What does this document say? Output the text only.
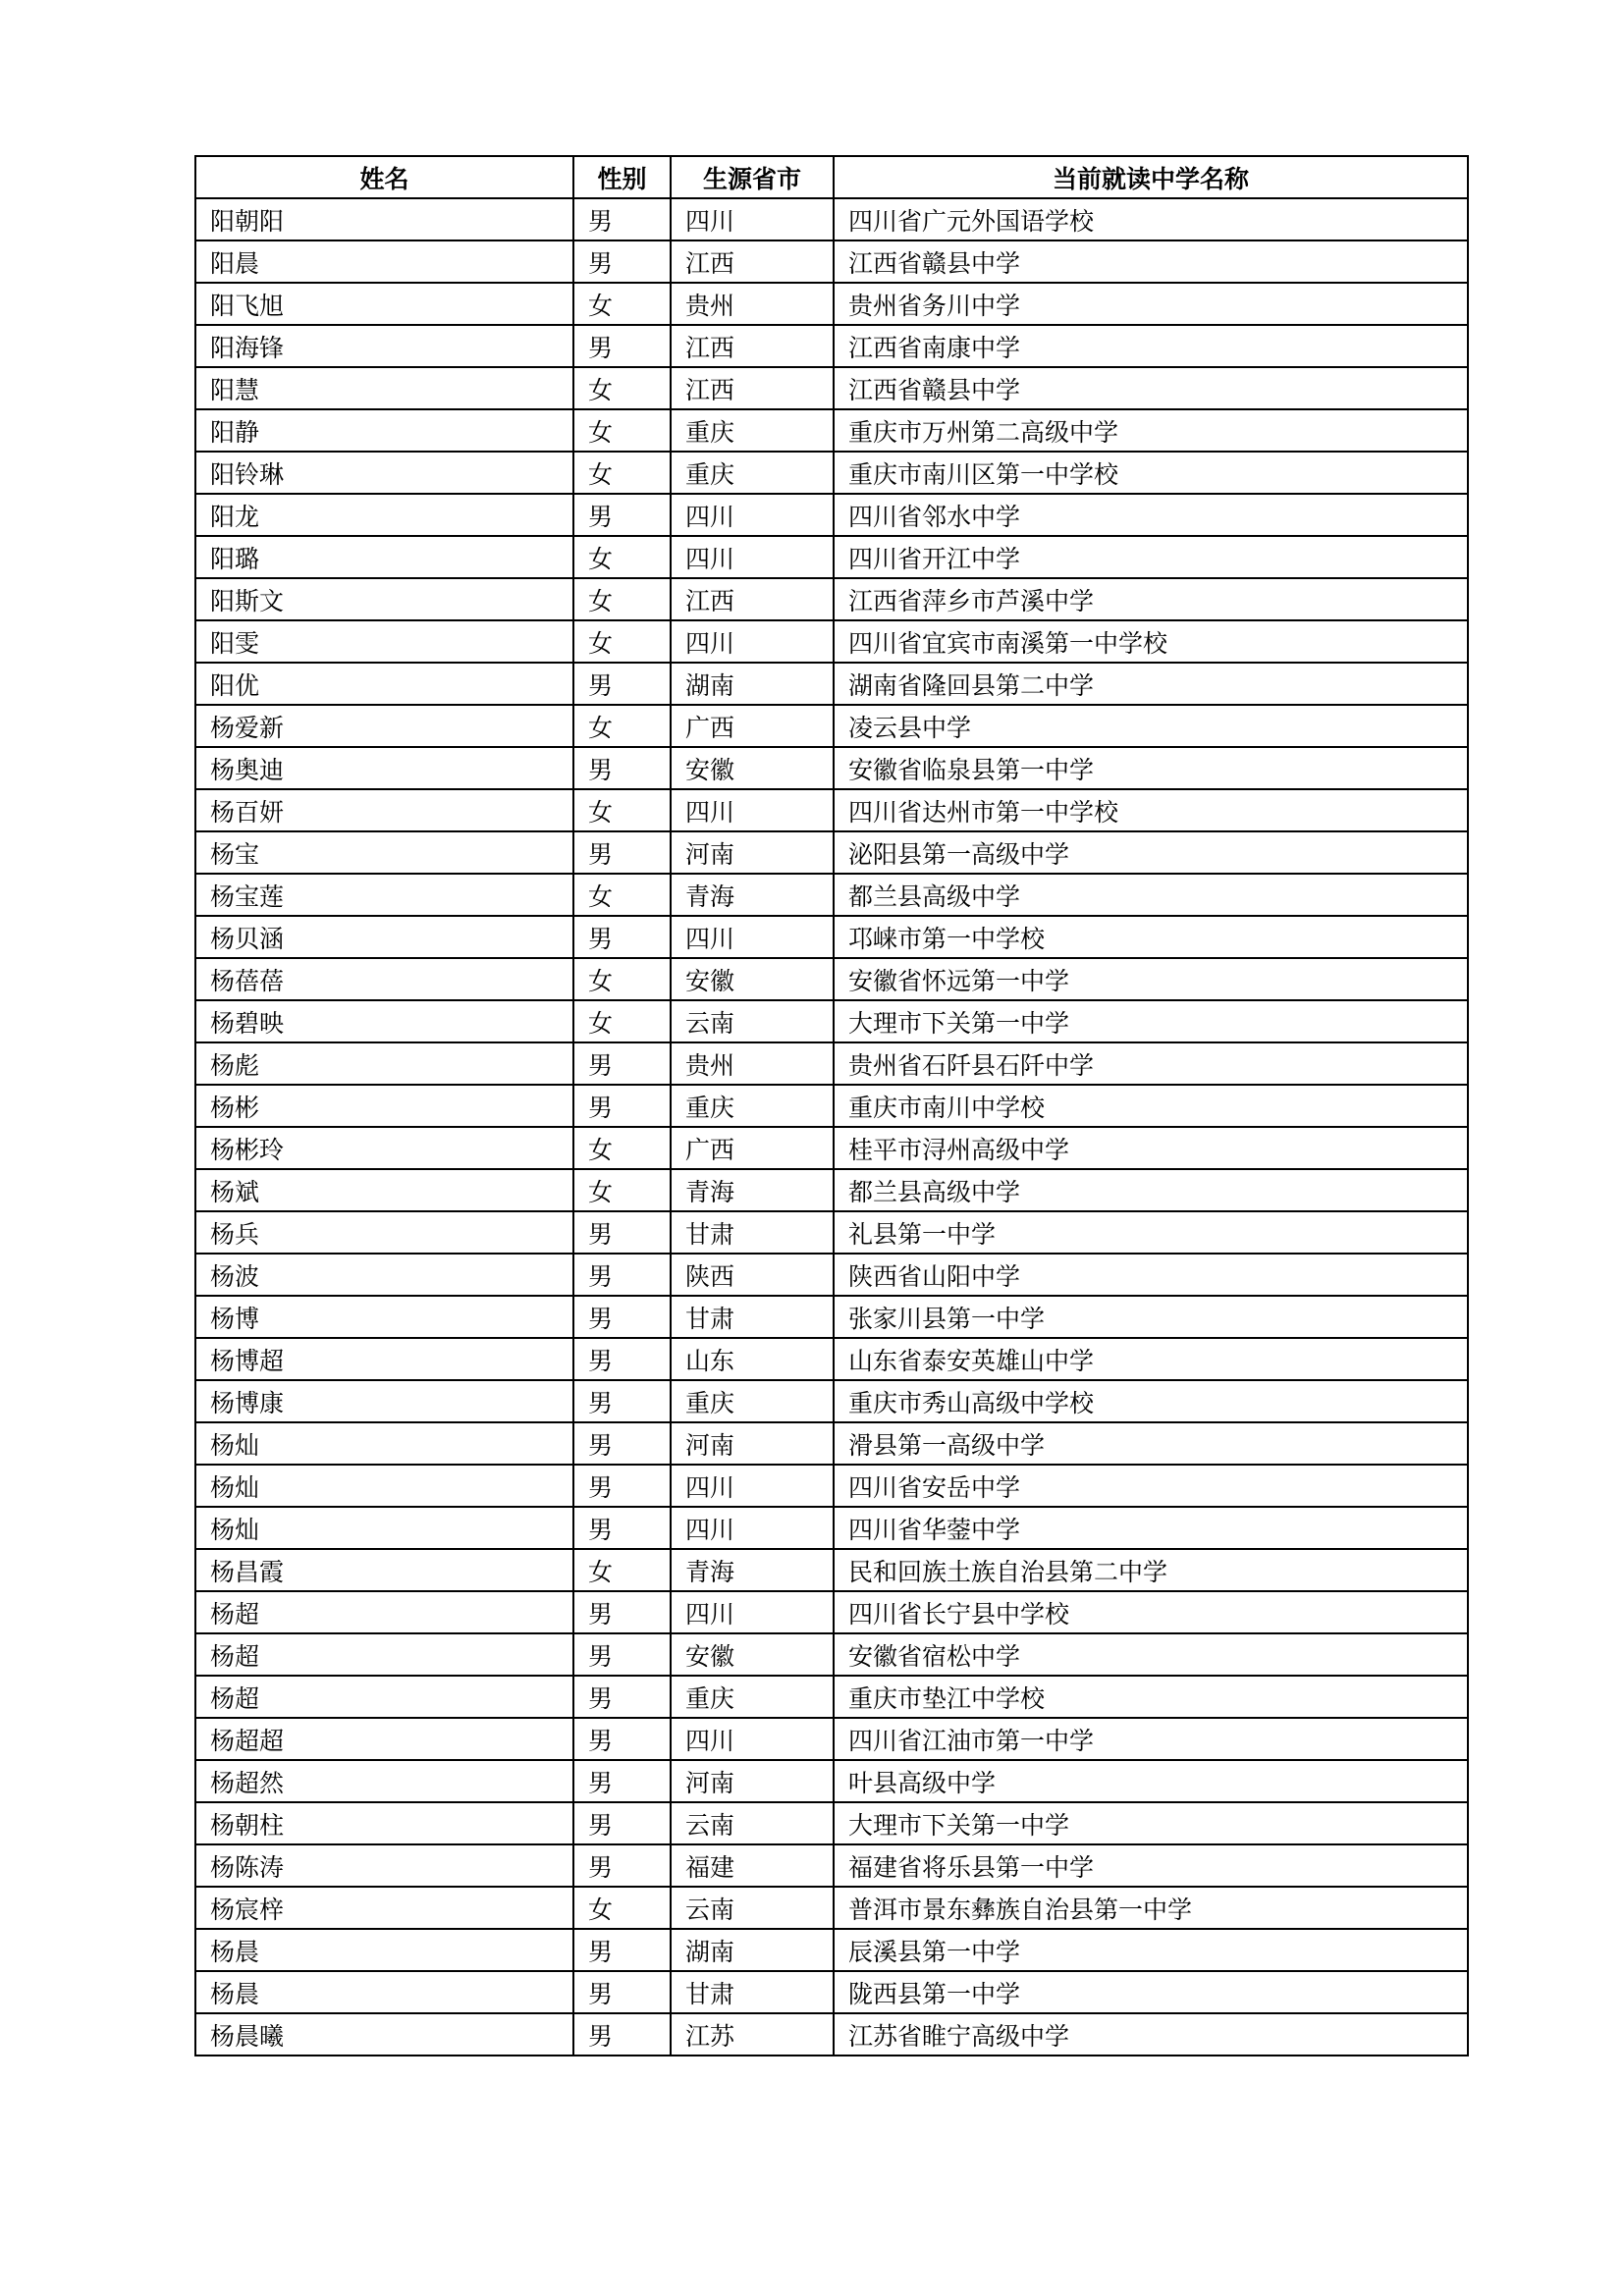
姓名	性别	生源省市	当前就读中学名称
阳朝阳	男	四川	四川省广元外国语学校
阳晨	男	江西	江西省赣县中学
阳飞旭	女	贵州	贵州省务川中学
阳海锋	男	江西	江西省南康中学
阳慧	女	江西	江西省赣县中学
阳静	女	重庆	重庆市万州第二高级中学
阳铃琳	女	重庆	重庆市南川区第一中学校
阳龙	男	四川	四川省邻水中学
阳璐	女	四川	四川省开江中学
阳斯文	女	江西	江西省萍乡市芦溪中学
阳雯	女	四川	四川省宜宾市南溪第一中学校
阳优	男	湖南	湖南省隆回县第二中学
杨爱新	女	广西	凌云县中学
杨奥迪	男	安徽	安徽省临泉县第一中学
杨百妍	女	四川	四川省达州市第一中学校
杨宝	男	河南	泌阳县第一高级中学
杨宝莲	女	青海	都兰县高级中学
杨贝涵	男	四川	邛崃市第一中学校
杨蓓蓓	女	安徽	安徽省怀远第一中学
杨碧映	女	云南	大理市下关第一中学
杨彪	男	贵州	贵州省石阡县石阡中学
杨彬	男	重庆	重庆市南川中学校
杨彬玲	女	广西	桂平市浔州高级中学
杨斌	女	青海	都兰县高级中学
杨兵	男	甘肃	礼县第一中学
杨波	男	陕西	陕西省山阳中学
杨博	男	甘肃	张家川县第一中学
杨博超	男	山东	山东省泰安英雄山中学
杨博康	男	重庆	重庆市秀山高级中学校
杨灿	男	河南	滑县第一高级中学
杨灿	男	四川	四川省安岳中学
杨灿	男	四川	四川省华蓥中学
杨昌霞	女	青海	民和回族土族自治县第二中学
杨超	男	四川	四川省长宁县中学校
杨超	男	安徽	安徽省宿松中学
杨超	男	重庆	重庆市垫江中学校
杨超超	男	四川	四川省江油市第一中学
杨超然	男	河南	叶县高级中学
杨朝柱	男	云南	大理市下关第一中学
杨陈涛	男	福建	福建省将乐县第一中学
杨宸梓	女	云南	普洱市景东彝族自治县第一中学
杨晨	男	湖南	辰溪县第一中学
杨晨	男	甘肃	陇西县第一中学
杨晨曦	男	江苏	江苏省睢宁高级中学
